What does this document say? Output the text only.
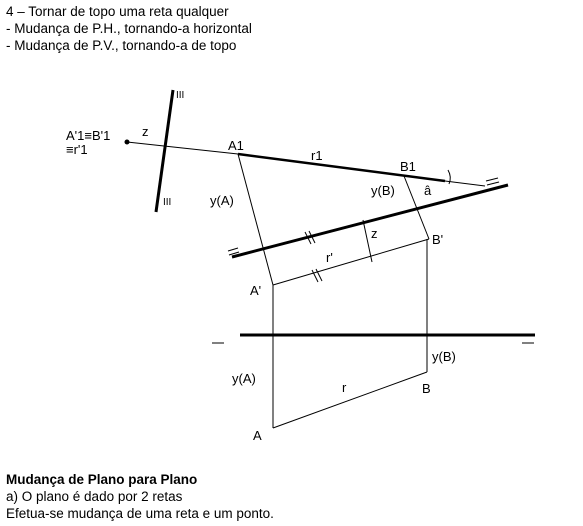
4 – Tornar de topo uma reta qualquer
- Mudança de P.H., tornando-a horizontal
- Mudança de P.V., tornando-a de topo
A'1≡B'1
≡r'1
z
III
III
A1
r1
B1
y(B) â
y(A)
z	B'
r'
A'
y(B)
y(A)
r	B
A
Mudança de Plano para Plano
a) O plano é dado por 2 retas
Efetua-se mudança de uma reta e um ponto.
